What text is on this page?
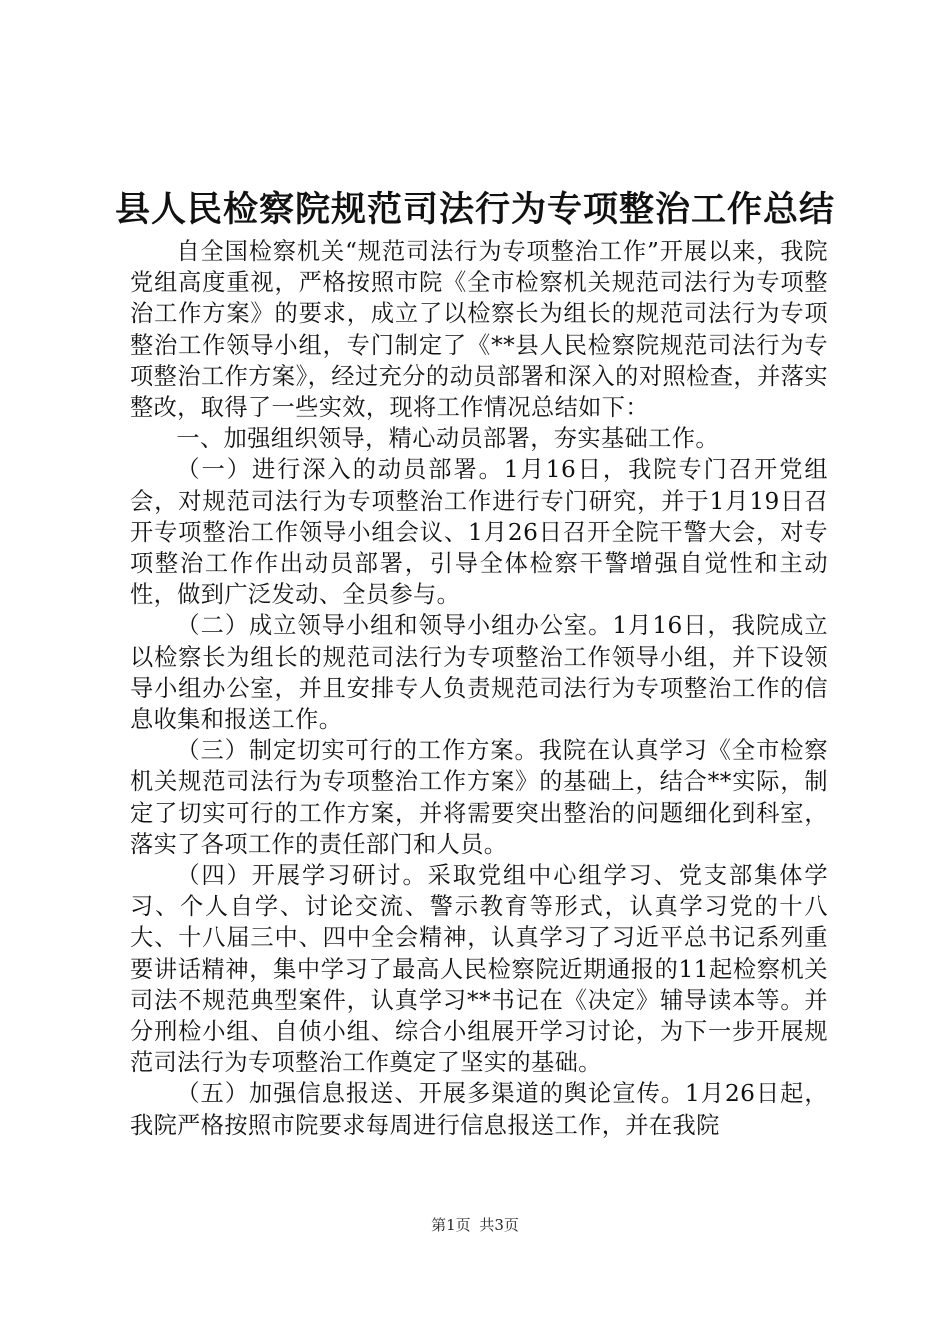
县人民检察院规范司法行为专项整治工作总结

自全国检察机关“规范司法行为专项整治工作”开展以来，我院党组高度重视，严格按照市院《全市检察机关规范司法行为专项整治工作方案》的要求，成立了以检察长为组长的规范司法行为专项整治工作领导小组，专门制定了《**县人民检察院规范司法行为专项整治工作方案》，经过充分的动员部署和深入的对照检查，并落实整改，取得了一些实效，现将工作情况总结如下：

一、加强组织领导，精心动员部署，夯实基础工作。

（一）进行深入的动员部署。1月16日，我院专门召开党组会，对规范司法行为专项整治工作进行专门研究，并于1月19日召开专项整治工作领导小组会议、1月26日召开全院干警大会，对专项整治工作作出动员部署，引导全体检察干警增强自觉性和主动性，做到广泛发动、全员参与。

（二）成立领导小组和领导小组办公室。1月16日，我院成立以检察长为组长的规范司法行为专项整治工作领导小组，并下设领导小组办公室，并且安排专人负责规范司法行为专项整治工作的信息收集和报送工作。

（三）制定切实可行的工作方案。我院在认真学习《全市检察机关规范司法行为专项整治工作方案》的基础上，结合**实际，制定了切实可行的工作方案，并将需要突出整治的问题细化到科室，落实了各项工作的责任部门和人员。

（四）开展学习研讨。采取党组中心组学习、党支部集体学习、个人自学、讨论交流、警示教育等形式，认真学习党的十八大、十八届三中、四中全会精神，认真学习了习近平总书记系列重要讲话精神，集中学习了最高人民检察院近期通报的11起检察机关司法不规范典型案件，认真学习**书记在《决定》辅导读本等。并分刑检小组、自侦小组、综合小组展开学习讨论，为下一步开展规范司法行为专项整治工作奠定了坚实的基础。

（五）加强信息报送、开展多渠道的舆论宣传。1月26日起，我院严格按照市院要求每周进行信息报送工作，并在我院

第1页 共3页
